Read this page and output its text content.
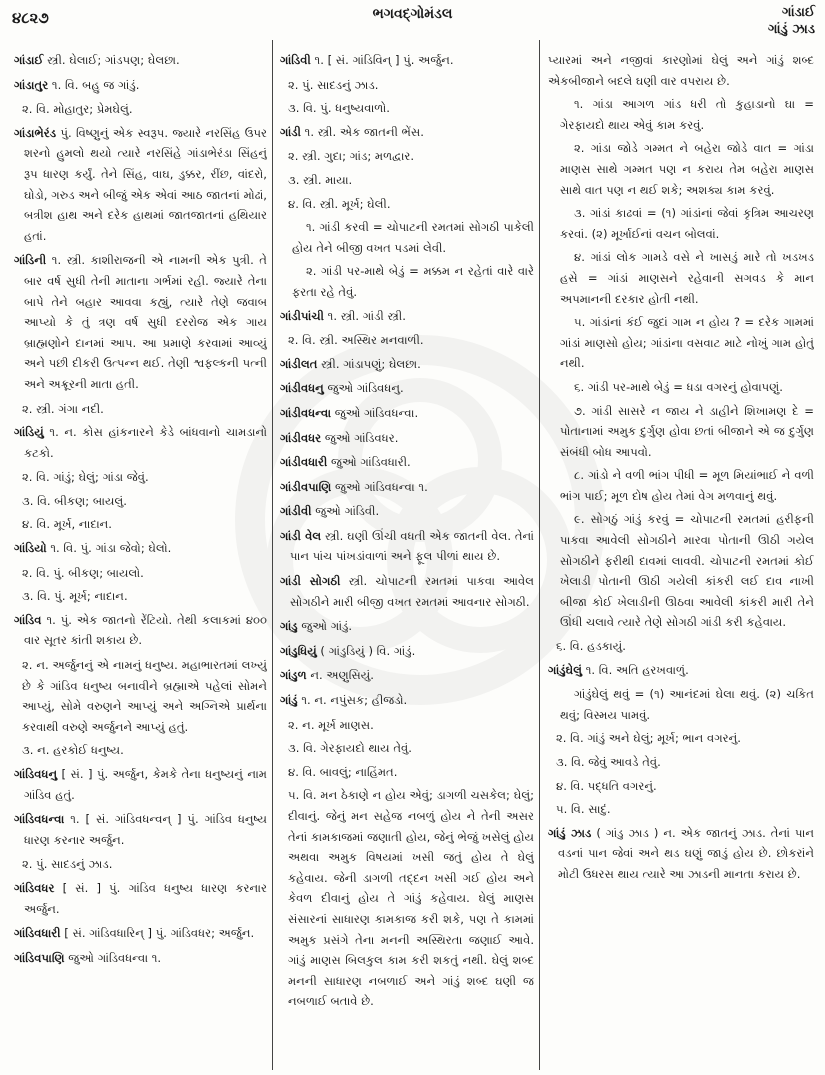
૪૮૨૭	ભગવદ્ગોમંડલ	ગાંડાઈ
ગાંડું ઝાડ
ગાંડાઈ સ્ત્રી. ઘેલાઈ; ગાંડપણ; ઘેલછા.
ગાંડાતુર ૧. વિ. બહુ જ ગાંડું.
૨. વિ. મોહાતુર; પ્રેમઘેલું.
ગાંડાભેરંડ પું. વિષ્ણુનું એક સ્વરૂપ. જ્યારે નરસિંહ ઉપર શરનો હુમલો થયો ત્યારે નરસિંહે ગાંડાભેરંડા સિંહનું રૂપ ધારણ કર્યું. તેને સિંહ, વાઘ, ડુક્કર, રીંછ, વાંદરો, ઘોડો, ગરુડ અને બીજું એક એવાં આઠ જાતનાં મોઢાં, બત્રીશ હાથ અને દરેક હાથમાં જાતજાતનાં હથિયાર હતાં.
ગાંડિની ૧. સ્ત્રી. કાશીરાજની એ નામની એક પુત્રી. તે બાર વર્ષ સુધી તેની માતાના ગર્ભમાં રહી. જ્યારે તેના બાપે તેને બહાર આવવા કહ્યું, ત્યારે તેણે જવાબ આપ્યો કે તું ત્રણ વર્ષ સુધી દરરોજ એક ગાય બ્રાહ્મણોને દાનમાં આપ. આ પ્રમાણે કરવામાં આવ્યું અને પછી દીકરી ઉત્પન્ન થઈ. તેણી શ્વફલ્કની પત્ની અને અક્રૂરની માતા હતી.
૨. સ્ત્રી. ગંગા નદી.
ગાંડિયું ૧. ન. કોસ હાંકનારને કેડે બાંધવાનો ચામડાનો કટકો.
૨. વિ. ગાંડું; ઘેલું; ગાંડા જેવું.
૩. વિ. બીકણ; બાયલું.
૪. વિ. મૂર્ખ, નાદાન.
ગાંડિયો ૧. વિ. પું. ગાંડા જેવો; ઘેલો.
૨. વિ. પું. બીકણ; બાયલો.
૩. વિ. પું. મૂર્ખ; નાદાન.
ગાંડિવ ૧. પું. એક જાતનો રેંટિયો. તેથી કલાકમાં ૪૦૦ વાર સૂતર કાંતી શકાય છે.
૨. ન. અર્જુનનું એ નામનું ધનુષ્ય. મહાભારતમાં લખ્યું છે કે ગાંડિવ ધનુષ્ય બનાવીને બ્રહ્માએ પહેલાં સોમને આપ્યું, સોમે વરુણને આપ્યું અને અગ્નિએ પ્રાર્થના કરવાથી વરુણે અર્જુનને આપ્યું હતું.
૩. ન. હરકોઈ ધનુષ્ય.
ગાંડિવધનુ [ સં. ] પું. અર્જુન, કેમકે તેના ધનુષ્યનું નામ ગાંડિવ હતું.
ગાંડિવધન્વા ૧. [ સં. ગાંડિવધન્વન્ ] પું. ગાંડિવ ધનુષ્ય ધારણ કરનાર અર્જુન.
૨. પું. સાદડનું ઝાડ.
ગાંડિવધર [ સં. ] પું. ગાંડિવ ધનુષ્ય ધારણ કરનાર અર્જુન.
ગાંડિવધારી [ સં. ગાંડિવધારિન્ ] પું. ગાંડિવધર; અર્જુન.
ગાંડિવપાણિ જુઓ ગાંડિવધન્વા ૧.
ગાંડિવી ૧. [ સં. ગાંડિવિન્ ] પું. અર્જુન.
૨. પું. સાદડનું ઝાડ.
૩. વિ. પું. ધનુષ્યવાળો.
ગાંડી ૧. સ્ત્રી. એક જાતની ભેંસ.
૨. સ્ત્રી. ગુદા; ગાંડ; મળદ્વાર.
૩. સ્ત્રી. માયા.
૪. વિ. સ્ત્રી. મૂર્ખ; ઘેલી.
૧. ગાંડી કરવી = ચોપાટની રમતમાં સોગઠી પાકેલી હોય તેને બીજી વખત પડમાં લેવી.
૨. ગાંડી પર-માથે બેડું = મક્કમ ન રહેતાં વારે વારે ફરતા રહે તેવું.
ગાંડીપાંચી ૧. સ્ત્રી. ગાંડી સ્ત્રી.
૨. વિ. સ્ત્રી. અસ્થિર મનવાળી.
ગાંડીલત સ્ત્રી. ગાંડાપણું; ઘેલછા.
ગાંડીવધનુ જુઓ ગાંડિવધનુ.
ગાંડીવધન્વા જુઓ ગાંડિવધન્વા.
ગાંડીવધર જુઓ ગાંડિવધર.
ગાંડીવધારી જુઓ ગાંડિવધારી.
ગાંડીવપાણિ જુઓ ગાંડિવધન્વા ૧.
ગાંડીવી જુઓ ગાંડિવી.
ગાંડી વેલ સ્ત્રી. ઘણી ઊંચી વધતી એક જાતની વેલ. તેનાં પાન પાંચ પાંખડાંવાળાં અને ફૂલ પીળાં થાય છે.
ગાંડી સોગઠી સ્ત્રી. ચોપાટની રમતમાં પાકવા આવેલ સોગઠીને મારી બીજી વખત રમતમાં આવનાર સોગઠી.
ગાંડુ જુઓ ગાંડું.
ગાંડુધિયું ( ગાંડુડિયું ) વિ. ગાંડું.
ગાંડુળ ન. અણુસિયું.
ગાંડું ૧. ન. નપુંસક; હીજડો.
૨. ન. મૂર્ખ માણસ.
૩. વિ. ગેરફાયદો થાય તેવું.
૪. વિ. બાવલું; નાહિંમત.
૫. વિ. મન ઠેકાણે ન હોય એવું; ડાગળી ચસકેલ; ઘેલું; દીવાનું. જેનું મન સહેજ નબળું હોય ને તેની અસર તેનાં કામકાજમાં જણાતી હોય, જેનું ભેજું ખસેલું હોય અથવા અમુક વિષયમાં ખસી જતું હોય તે ઘેલું કહેવાય. જેની ડાગળી તદ્દન ખસી ગઈ હોય અને કેવળ દીવાનું હોય તે ગાંડું કહેવાય. ઘેલું માણસ સંસારનાં સાધારણ કામકાજ કરી શકે, પણ તે કામમાં અમુક પ્રસંગે તેના મનની અસ્થિરતા જણાઈ આવે. ગાંડું માણસ બિલકુલ કામ કરી શકતું નથી. ઘેલું શબ્દ મનની સાધારણ નબળાઈ અને ગાંડું શબ્દ ઘણી જ નબળાઈ બતાવે છે.
પ્યારમાં અને નજીવાં કારણોમાં ઘેલું અને ગાંડું શબ્દ એકબીજાને બદલે ઘણી વાર વપરાય છે.
૧. ગાંડા આગળ ગાંડ ધરી તો કુહાડાનો ઘા = ગેરફાયદો થાય એવું કામ કરવું.
૨. ગાંડા જોડે ગમ્મત ને બહેરા જોડે વાત = ગાંડા માણસ સાથે ગમ્મત પણ ન કરાય તેમ બહેરા માણસ સાથે વાત પણ ન થઈ શકે; અશક્ય કામ કરવું.
૩. ગાંડાં કાઢવાં = (૧) ગાંડાંનાં જેવાં કૃત્રિમ આચરણ કરવાં. (૨) મૂર્ખાઈનાં વચન બોલવાં.
૪. ગાંડાં લોક ગામડે વસે ને ખાસડું મારે તો ખડખડ હસે = ગાંડાં માણસને રહેવાની સગવડ કે માન અપમાનની દરકાર હોતી નથી.
૫. ગાંડાંનાં કંઈ જુદાં ગામ ન હોય ? = દરેક ગામમાં ગાંડાં માણસો હોય; ગાંડાંના વસવાટ માટે નોખું ગામ હોતું નથી.
૬. ગાંડી પર-માથે બેડું = ધડા વગરનું હોવાપણું.
૭. ગાંડી સાસરે ન જાય ને ડાહીને શિખામણ દે = પોતાનામાં અમુક દુર્ગુણ હોવા છતાં બીજાને એ જ દુર્ગુણ સંબંધી બોધ આપવો.
૮. ગાંડો ને વળી ભાંગ પીધી = મૂળ મિયાંભાઈ ને વળી ભાંગ પાઈ; મૂળ દોષ હોય તેમાં વેગ મળવાનું થવું.
૯. સોગઠું ગાંડું કરવું = ચોપાટની રમતમાં હરીફની પાકવા આવેલી સોગઠીને મારવા પોતાની ઊઠી ગયેલ સોગઠીને ફરીથી દાવમાં લાવવી. ચોપાટની રમતમાં કોઈ ખેલાડી પોતાની ઊઠી ગયેલી કાંકરી લઈ દાવ નાખી બીજા કોઈ ખેલાડીની ઊઠવા આવેલી કાંકરી મારી તેને ઊંધી ચલાવે ત્યારે તેણે સોગઠી ગાંડી કરી કહેવાય.
૬. વિ. હડકાયું.
ગાંડુંઘેલું ૧. વિ. અતિ હરખવાળું.
ગાંડુંઘેલું થવું = (૧) આનંદમાં ઘેલા થવું. (૨) ચકિત થવું; વિસ્મય પામવું.
૨. વિ. ગાંડું અને ઘેલું; મૂર્ખ; ભાન વગરનું.
૩. વિ. જેવું આવડે તેવું.
૪. વિ. પદ્ધતિ વગરનું.
૫. વિ. સાદું.
ગાંડું ઝાડ ( ગાંડુ ઝાડ ) ન. એક જાતનું ઝાડ. તેનાં પાન વડનાં પાન જેવાં અને થડ ઘણું જાડું હોય છે. છોકરાંને મોટી ઉધરસ થાય ત્યારે આ ઝાડની માનતા કરાય છે.
